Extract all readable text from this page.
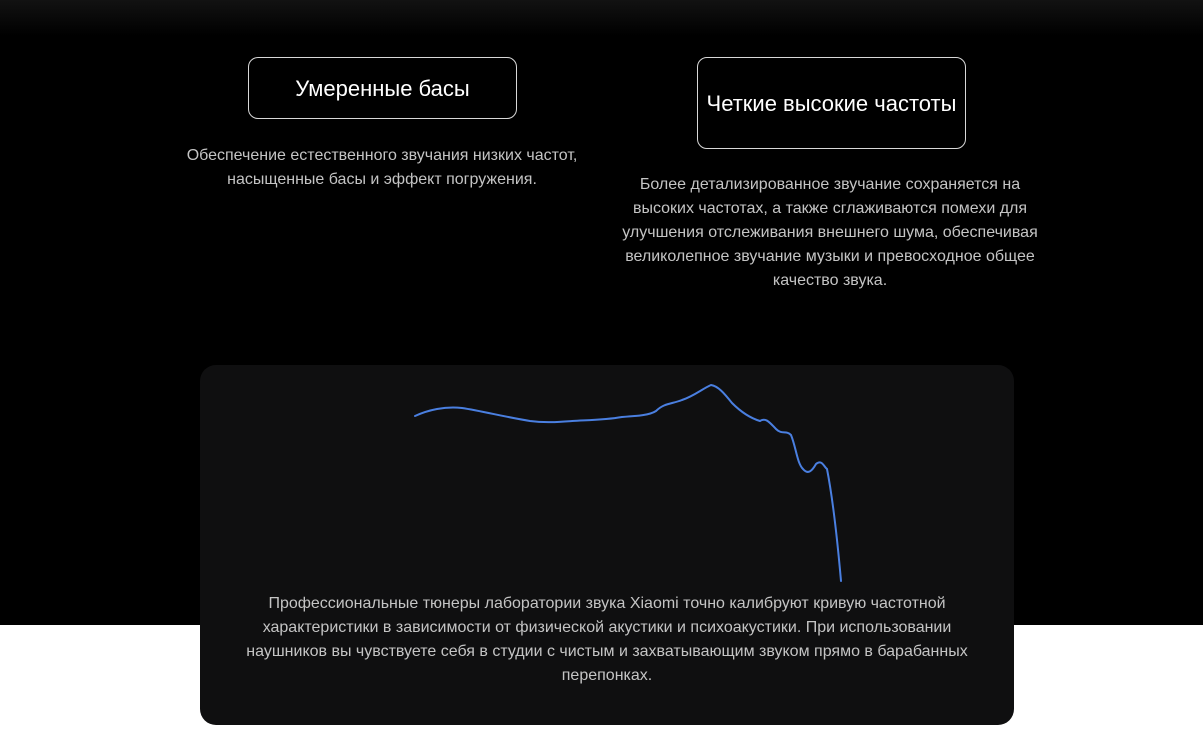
Умеренные басы

Обеспечение естественного звучания низких частот, насыщенные басы и эффект погружения.

Четкие высокие частоты

Более детализированное звучание сохраняется на высоких частотах, а также сглаживаются помехи для улучшения отслеживания внешнего шума, обеспечивая великолепное звучание музыки и превосходное общее качество звука.

Профессиональные тюнеры лаборатории звука Xiaomi точно калибруют кривую частотной характеристики в зависимости от физической акустики и психоакустики. При использовании наушников вы чувствуете себя в студии с чистым и захватывающим звуком прямо в барабанных перепонках.
